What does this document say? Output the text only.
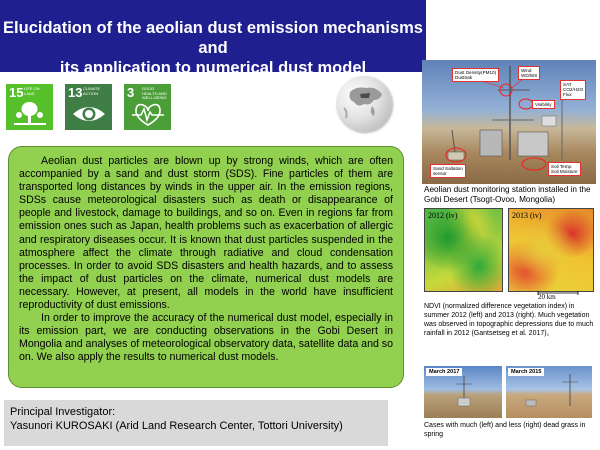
Elucidation of the aeolian dust emission mechanisms and
its application to numerical dust model
15 LIFE ON LAND	13 CLIMATE ACTION	3 GOOD HEALTH AND WELL-BEING

Aeolian dust particles are blown up by strong winds, which are often accompanied by a sand and dust storm (SDS). Fine particles of them are transported long distances by winds in the upper air. In the emission regions, SDSs cause meteorological disasters such as death or disappearance of people and livestock, damage to buildings, and so on. Even in regions far from emission ones such as Japan, health problems such as exacerbation of allergic and respiratory diseases occur. It is known that dust particles suspended in the atmosphere affect the climate through radiative and cloud condensation processes. In order to avoid SDS disasters and health hazards, and to assess the impact of dust particles on the climate, numerical dust models are necessary. However, at present, all models in the world have insufficient reproductivity of dust emissions.

In order to improve the accuracy of the numerical dust model, especially in its emission part, we are conducting observations in the Gobi Desert in Mongolia and analyses of meteorological observatory data, satellite data and so on. We also apply the results to numerical dust models.

Principal Investigator:
Yasunori KUROSAKI (Arid Land Research Center, Tottori University)
Dust Density(PM10)
Dusttrak
Wind
WD/WS
SAT
CO2/H2O
Flux
Visibility
Sand Saltation
sensor
Soil Temp.
Soil Moisture
Aeolian dust monitoring station installed in the Gobi Desert (Tsogt-Ovoo, Mongolia)
2012 (iv)	2013 (iv)
20 km
NDVI (normalized difference vegetation index) in summer 2012 (left) and 2013 (right). Much vegetation was observed in topographic depressions due to much rainfall in 2012 (Gantsetseg et al. 2017)。
March 2017	March 2015
Cases with much (left) and less (right) dead grass in spring
